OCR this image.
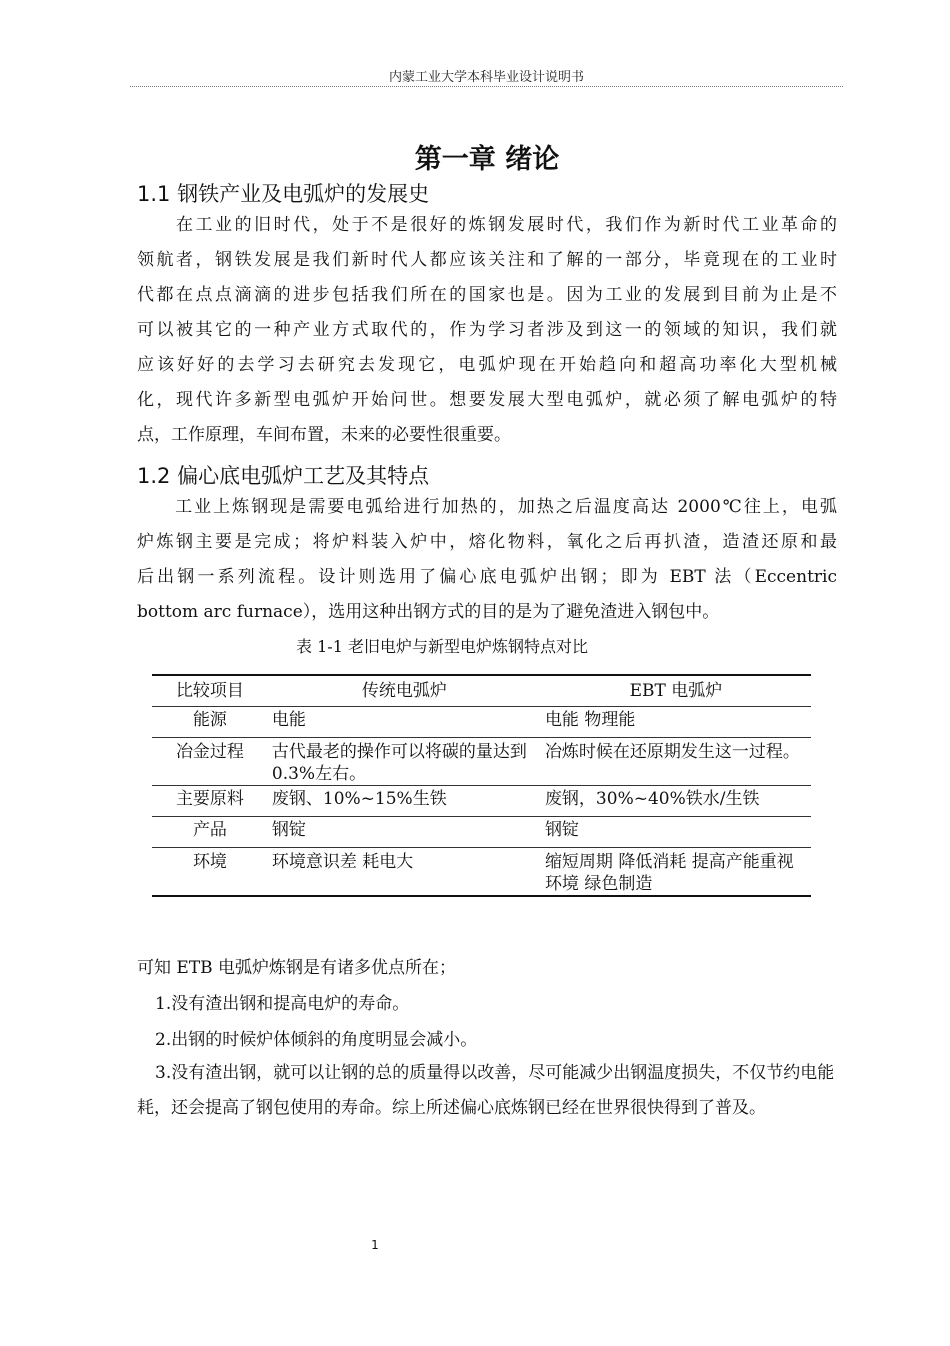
内蒙工业大学本科毕业设计说明书
第一章 绪论
1.1 钢铁产业及电弧炉的发展史
　　在工业的旧时代，处于不是很好的炼钢发展时代，我们作为新时代工业革命的
领航者，钢铁发展是我们新时代人都应该关注和了解的一部分，毕竟现在的工业时
代都在点点滴滴的进步包括我们所在的国家也是。因为工业的发展到目前为止是不
可以被其它的一种产业方式取代的，作为学习者涉及到这一的领域的知识，我们就
应该好好的去学习去研究去发现它，电弧炉现在开始趋向和超高功率化大型机械
化，现代许多新型电弧炉开始问世。想要发展大型电弧炉，就必须了解电弧炉的特
点，工作原理，车间布置，未来的必要性很重要。
1.2 偏心底电弧炉工艺及其特点
　　工业上炼钢现是需要电弧给进行加热的，加热之后温度高达 2000℃往上，电弧
炉炼钢主要是完成；将炉料装入炉中，熔化物料，氧化之后再扒渣，造渣还原和最
后出钢一系列流程。设计则选用了偏心底电弧炉出钢；即为 EBT 法（Eccentric
bottom arc furnace），选用这种出钢方式的目的是为了避免渣进入钢包中。
表 1-1 老旧电炉与新型电炉炼钢特点对比
比较项目	传统电弧炉	EBT 电弧炉
能源	电能	电能 物理能
冶金过程	古代最老的操作可以将碳的量达到 0.3%左右。	冶炼时候在还原期发生这一过程。
主要原料	废钢、10%~15%生铁	废钢，30%~40%铁水/生铁
产品	钢锭	钢锭
环境	环境意识差 耗电大	缩短周期 降低消耗 提高产能重视环境 绿色制造
可知 ETB 电弧炉炼钢是有诸多优点所在；
1.没有渣出钢和提高电炉的寿命。
2.出钢的时候炉体倾斜的角度明显会减小。
3.没有渣出钢，就可以让钢的总的质量得以改善，尽可能减少出钢温度损失，不仅节约电能耗，还会提高了钢包使用的寿命。综上所述偏心底炼钢已经在世界很快得到了普及。
1
